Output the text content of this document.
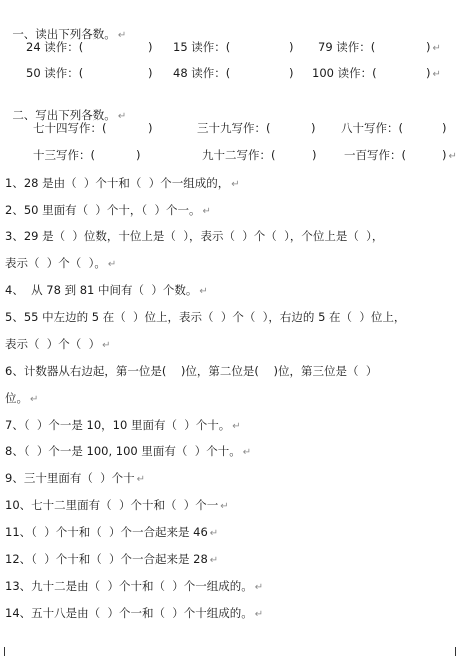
一、读出下列各数。 ↵

24 读作：(	) 15 读作：(	) 79 读作：(	) ↵
50 读作：(	) 48 读作：(	) 100 读作：(	) ↵

二、写出下列各数。 ↵

七十四写作：(	)	三十九写作：(	) 八十写作：(	)
十三写作：(	)	九十二写作：(	) 一百写作：(	) ↵
1、28 是由（  ）个十和（  ）个一组成的， ↵
2、50 里面有（  ）个十，（  ）个一。 ↵
3、29 是（  ）位数，十位上是（  ），表示（  ）个（  ），个位上是（  ），
表示（  ）个（  ）。 ↵
4、  从 78 到 81 中间有（  ）个数。 ↵
5、55 中左边的 5 在（  ）位上，表示（  ）个（  ），右边的 5 在（  ）位上，
表示（  ）个（  ） ↵
6、计数器从右边起，第一位是(    )位，第二位是(    )位，第三位是（  ）
位。 ↵
7、（  ）个一是 10，10 里面有（  ）个十。 ↵
8、（  ）个一是 100, 100 里面有（  ）个十。 ↵
9、三十里面有（  ）个十 ↵
10、七十二里面有（  ）个十和（  ）个一 ↵
11、（  ）个十和（  ）个一合起来是 46 ↵
12、（  ）个十和（  ）个一合起来是 28 ↵
13、九十二是由（  ）个十和（  ）个一组成的。 ↵
14、五十八是由（  ）个一和（  ）个十组成的。 ↵
